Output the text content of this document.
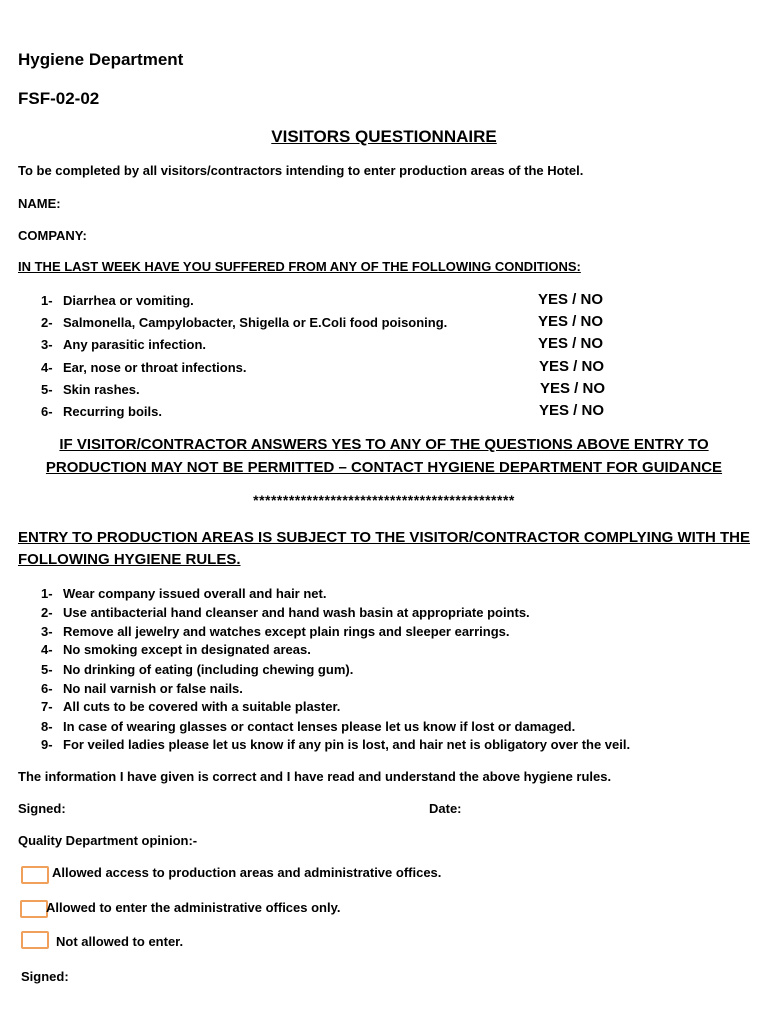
Hygiene Department
FSF-02-02
VISITORS QUESTIONNAIRE
To be completed by all visitors/contractors intending to enter production areas of the Hotel.
NAME:
COMPANY:
IN THE LAST WEEK HAVE YOU SUFFERED FROM ANY OF THE FOLLOWING CONDITIONS:
1- Diarrhea or vomiting.	YES / NO
2- Salmonella, Campylobacter, Shigella or E.Coli food poisoning.	YES / NO
3- Any parasitic infection.	YES / NO
4- Ear, nose or throat infections.	YES / NO
5- Skin rashes.	YES / NO
6- Recurring boils.	YES / NO
IF VISITOR/CONTRACTOR ANSWERS YES TO ANY OF THE QUESTIONS ABOVE ENTRY TO
PRODUCTION MAY NOT BE PERMITTED – CONTACT HYGIENE DEPARTMENT FOR GUIDANCE
********************************************
ENTRY TO PRODUCTION AREAS IS SUBJECT TO THE VISITOR/CONTRACTOR COMPLYING WITH THE
FOLLOWING HYGIENE RULES.
1- Wear company issued overall and hair net.
2- Use antibacterial hand cleanser and hand wash basin at appropriate points.
3- Remove all jewelry and watches except plain rings and sleeper earrings.
4- No smoking except in designated areas.
5- No drinking of eating (including chewing gum).
6- No nail varnish or false nails.
7- All cuts to be covered with a suitable plaster.
8- In case of wearing glasses or contact lenses please let us know if lost or damaged.
9- For veiled ladies please let us know if any pin is lost, and hair net is obligatory over the veil.
The information I have given is correct and I have read and understand the above hygiene rules.
Signed:	Date:
Quality Department opinion:-
Allowed access to production areas and administrative offices.
Allowed to enter the administrative offices only.
Not allowed to enter.
Signed:
